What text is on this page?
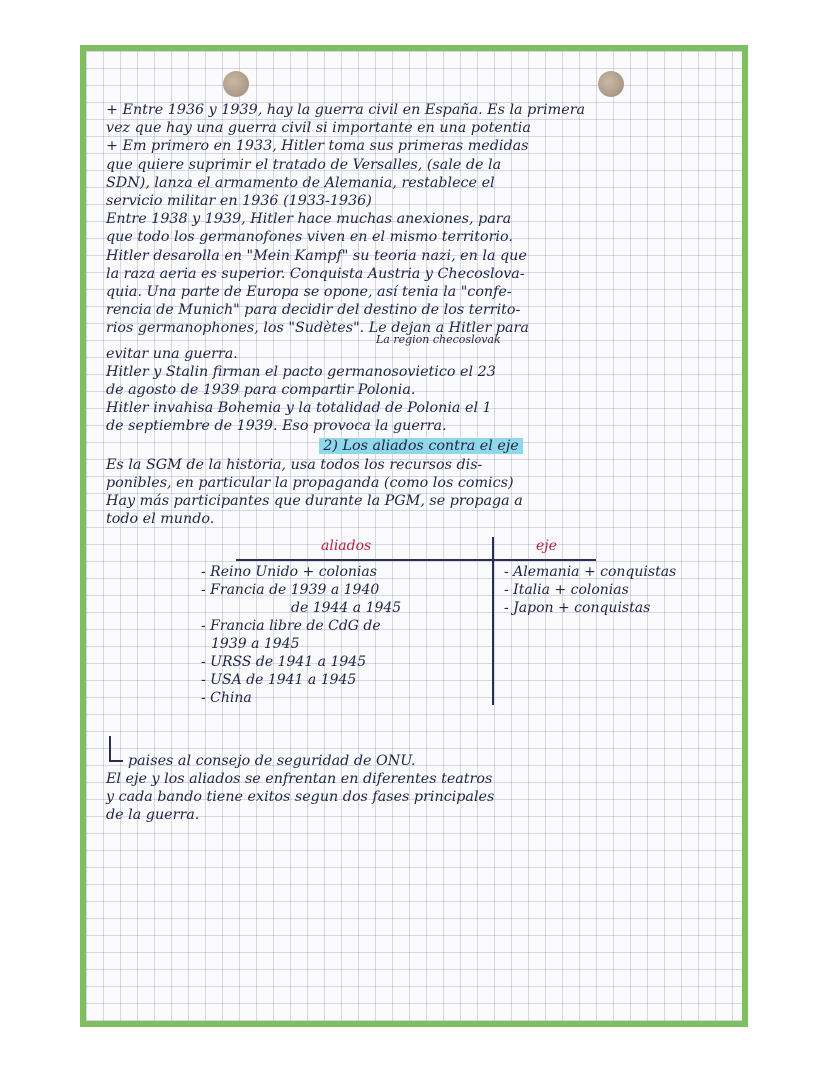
+ Entre 1936 y 1939, hay la guerra civil en España. Es la primera

vez que hay una guerra civil si importante en una potentia

+ Em primero en 1933, Hitler toma sus primeras medidas

que quiere suprimir el tratado de Versalles, (sale de la

SDN), lanza el armamento de Alemania, restablece el

servicio militar en 1936 (1933-1936)

Entre 1938 y 1939, Hitler hace muchas anexiones, para

que todo los germanofones viven en el mismo territorio.

Hitler desarolla en "Mein Kampf" su teoria nazi, en la que

la raza aeria es superior. Conquista Austria y Checoslova-

quia. Una parte de Europa se opone, así tenia la "confe-

rencia de Munich" para decidir del destino de los territo-

rios germanophones, los "Sudètes". Le dejan a Hitler para

La region checoslovak

evitar una guerra.

Hitler y Stalin firman el pacto germanosovietico el 23

de agosto de 1939 para compartir Polonia.

Hitler invahisa Bohemia y la totalidad de Polonia el 1

de septiembre de 1939. Eso provoca la guerra.

2) Los aliados contra el eje

Es la SGM de la historia, usa todos los recursos dis-

ponibles, en particular la propaganda (como los comics)

Hay más participantes que durante la PGM, se propaga a

todo el mundo.

aliados	eje
- Reino Unido + colonias
- Francia de 1939 a 1940
de 1944 a 1945
- Francia libre de CdG de
1939 a 1945
- URSS de 1941 a 1945
- USA de 1941 a 1945
- China
- Alemania + conquistas
- Italia + colonias
- Japon + conquistas

paises al consejo de seguridad de ONU.

El eje y los aliados se enfrentan en diferentes teatros

y cada bando tiene exitos segun dos fases principales

de la guerra.
